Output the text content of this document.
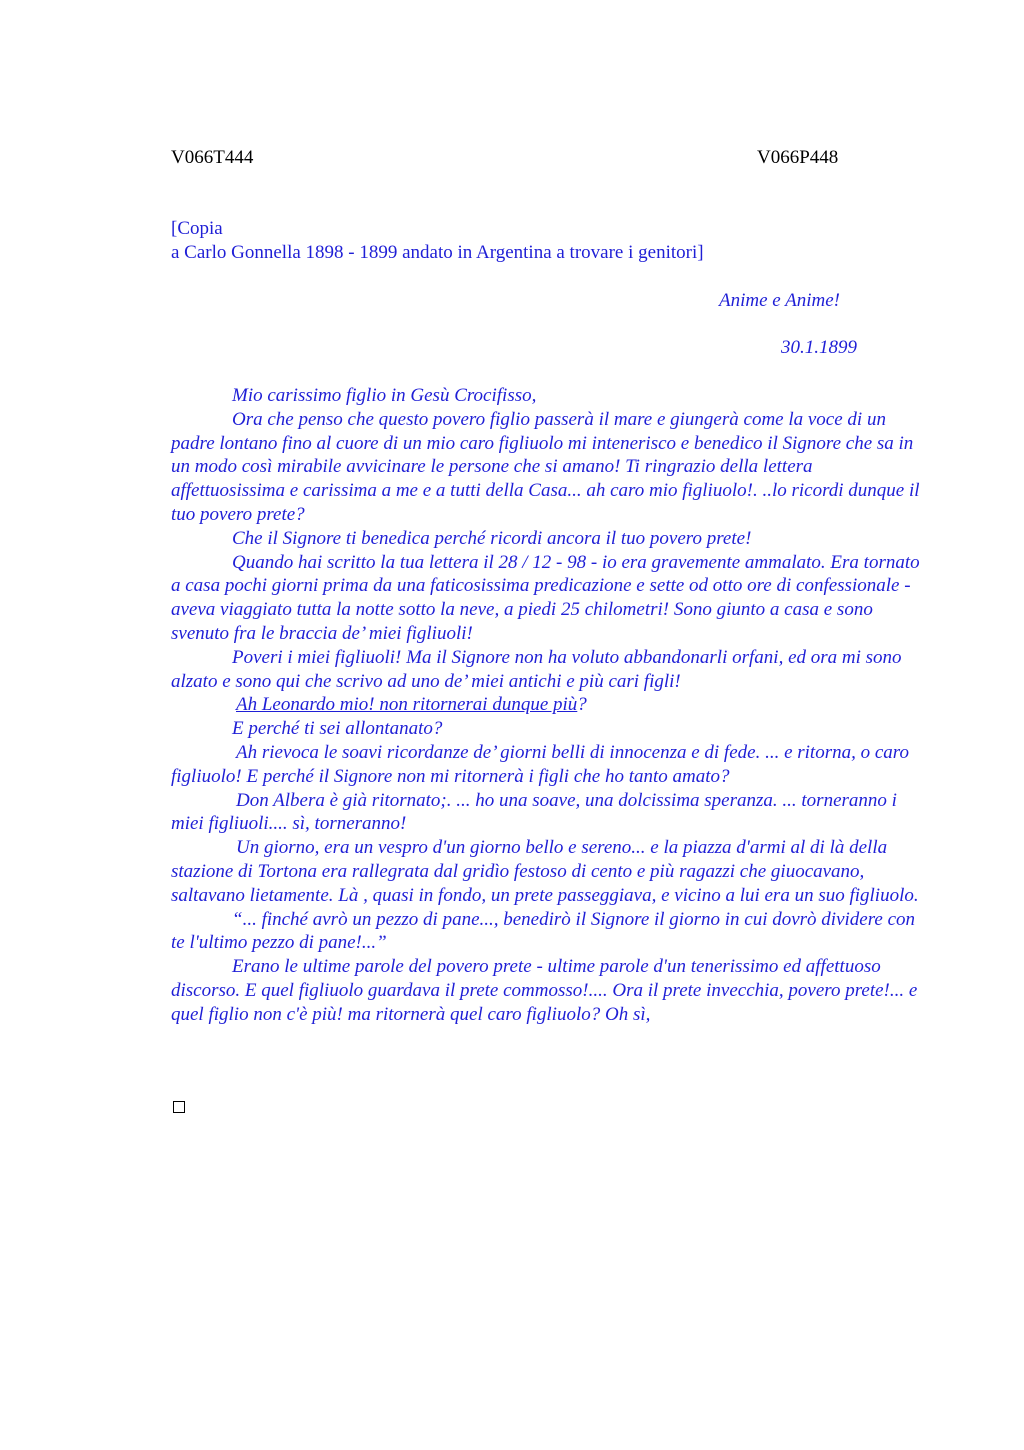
V066T444	V066P448
[Copia
a Carlo Gonnella 1898 - 1899 andato in Argentina a trovare i genitori]
Anime e Anime!
30.1.1899

Mio carissimo figlio in Gesù Crocifisso,

Ora che penso che questo povero figlio passerà il mare e giungerà come la voce di un padre lontano fino al cuore di un mio caro figliuolo mi intenerisco e benedico il Signore che sa in un modo così mirabile avvicinare le persone che si amano! Ti ringrazio della lettera affettuosissima e carissima a me e a tutti della Casa... ah caro mio figliuolo!. ..lo ricordi dunque il tuo povero prete?

Che il Signore ti benedica perché ricordi ancora il tuo povero prete!

Quando hai scritto la tua lettera il 28 / 12 - 98 - io era gravemente ammalato. Era tornato a casa pochi giorni prima da una faticosissima predicazione e sette od otto ore di confessionale - aveva viaggiato tutta la notte sotto la neve, a piedi 25 chilometri! Sono giunto a casa e sono svenuto fra le braccia de’ miei figliuoli!

Poveri i miei figliuoli! Ma il Signore non ha voluto abbandonarli orfani, ed ora mi sono alzato e sono qui che scrivo ad uno de’ miei antichi e più cari figli!

Ah Leonardo mio! non ritornerai dunque più?

E perché ti sei allontanato?

Ah rievoca le soavi ricordanze de’ giorni belli di innocenza e di fede. ... e ritorna, o caro figliuolo! E perché il Signore non mi ritornerà i figli che ho tanto amato?

Don Albera è già ritornato;. ... ho una soave, una dolcissima speranza. ... torneranno i miei figliuoli.... sì, torneranno!

Un giorno, era un vespro d'un giorno bello e sereno... e la piazza d'armi al di là della stazione di Tortona era rallegrata dal gridìo festoso di cento e più ragazzi che giuocavano, saltavano lietamente. Là , quasi in fondo, un prete passeggiava, e vicino a lui era un suo figliuolo.

“... finché avrò un pezzo di pane..., benedirò il Signore il giorno in cui dovrò dividere con te l'ultimo pezzo di pane!...”

Erano le ultime parole del povero prete - ultime parole d'un tenerissimo ed affettuoso discorso. E quel figliuolo guardava il prete commosso!.... Ora il prete invecchia, povero prete!... e quel figlio non c'è più! ma ritornerà quel caro figliuolo? Oh sì,
